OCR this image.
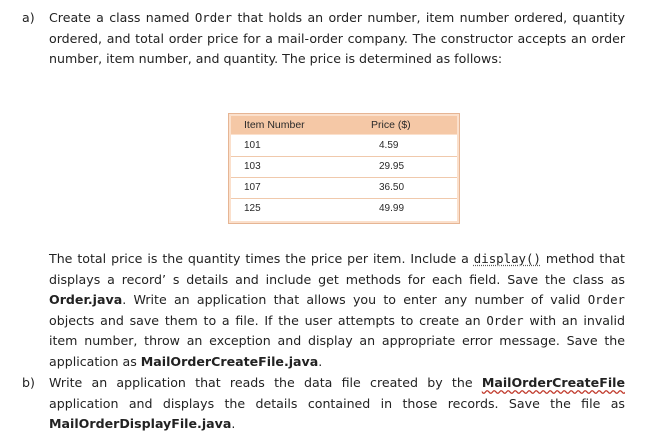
a) Create a class named Order that holds an order number, item number ordered, quantity ordered, and total order price for a mail-order company. The constructor accepts an order number, item number, and quantity. The price is determined as follows:

Item Number	Price ($)
101	4.59
103	29.95
107	36.50
125	49.99

The total price is the quantity times the price per item. Include a display() method that displays a record’ s details and include get methods for each field. Save the class as Order.java. Write an application that allows you to enter any number of valid Order objects and save them to a file. If the user attempts to create an Order with an invalid item number, throw an exception and display an appropriate error message. Save the application as MailOrderCreateFile.java.

b) Write an application that reads the data file created by the MailOrderCreateFile application and displays the details contained in those records. Save the file as MailOrderDisplayFile.java.
